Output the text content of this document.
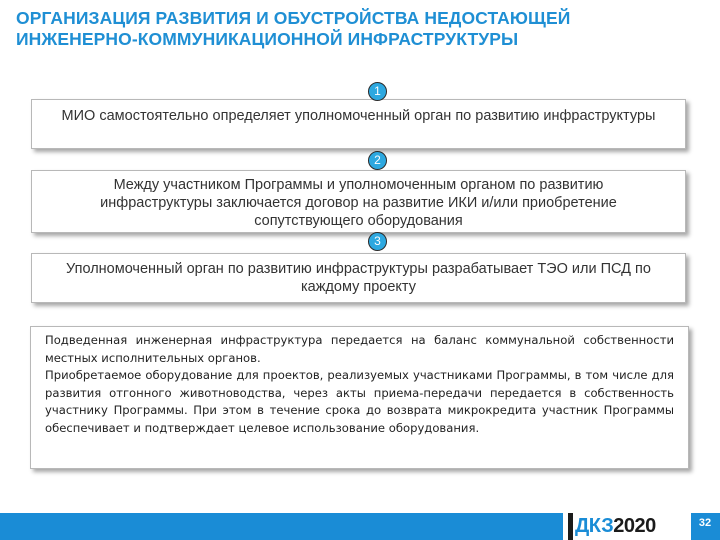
ОРГАНИЗАЦИЯ РАЗВИТИЯ И ОБУСТРОЙСТВА НЕДОСТАЮЩЕЙ
ИНЖЕНЕРНО-КОММУНИКАЦИОННОЙ ИНФРАСТРУКТУРЫ
МИО самостоятельно определяет уполномоченный орган по развитию инфраструктуры
1
Между участником Программы и уполномоченным органом по развитию инфраструктуры заключается договор на развитие ИКИ и/или приобретение сопутствующего оборудования
2
Уполномоченный орган по развитию инфраструктуры разрабатывает ТЭО или ПСД по каждому проекту
3

Подведенная инженерная инфраструктура передается на баланс коммунальной собственности местных исполнительных органов.

Приобретаемое оборудование для проектов, реализуемых участниками Программы, в том числе для развития отгонного животноводства, через акты приема-передачи передается в собственность участнику Программы. При этом в течение срока до возврата микрокредита участник Программы обеспечивает и подтверждает целевое использование оборудования.

ДКЗ 2020	32
